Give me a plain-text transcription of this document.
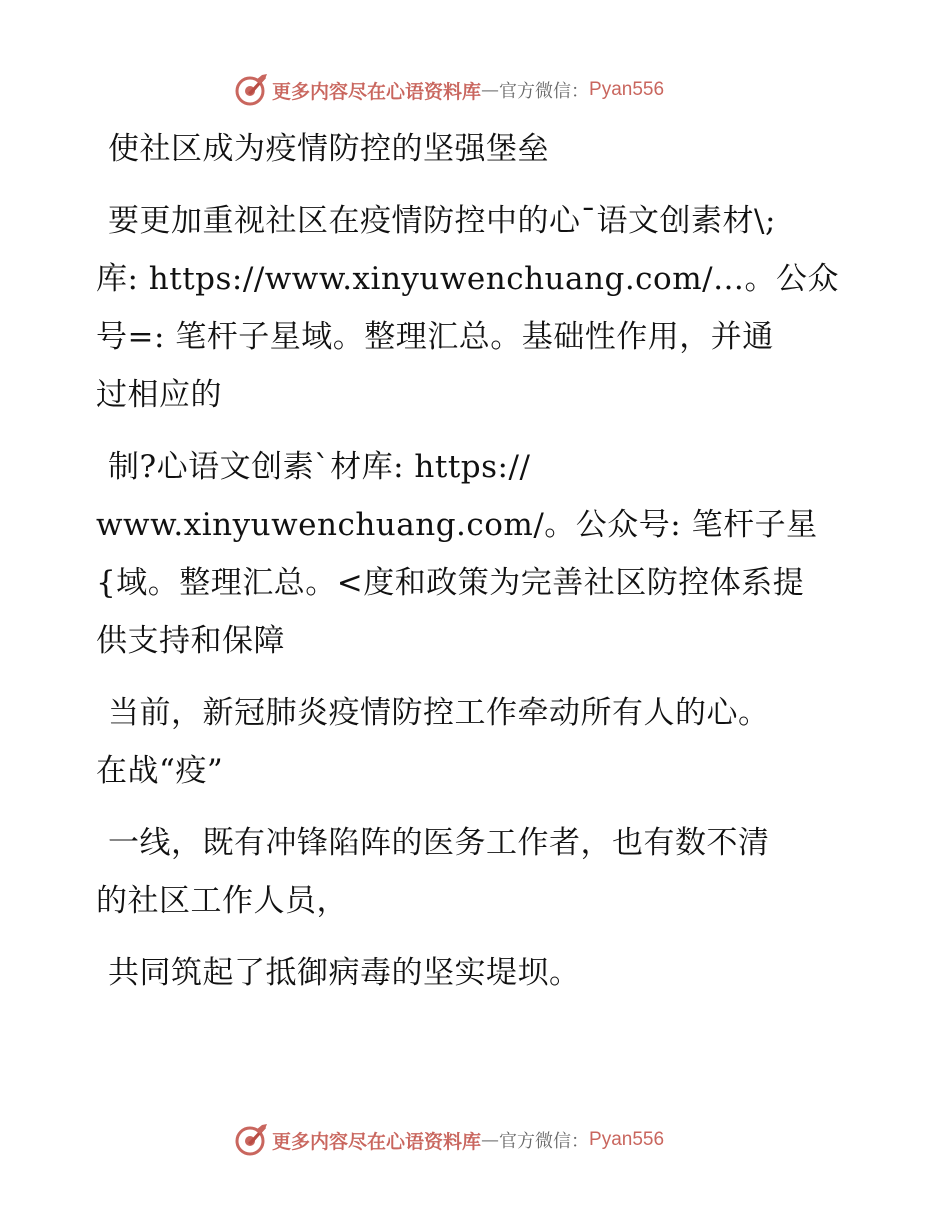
更多内容尽在心语资料库 — 官方微信： Pyan556
使社区成为疫情防控的坚强堡垒
要更加重视社区在疫情防控中的心¯语文创素材\;
库: https://www.xinyuwenchuang.com/…。公众
号=: 笔杆子星域。整理汇总。基础性作用，并通
过相应的
制?心语文创素`材库: https://
www.xinyuwenchuang.com/。公众号: 笔杆子星
{域。整理汇总。<度和政策为完善社区防控体系提
供支持和保障
当前，新冠肺炎疫情防控工作牵动所有人的心。
在战“疫”
一线，既有冲锋陷阵的医务工作者，也有数不清
的社区工作人员，
共同筑起了抵御病毒的坚实堤坝。
更多内容尽在心语资料库 — 官方微信： Pyan556
